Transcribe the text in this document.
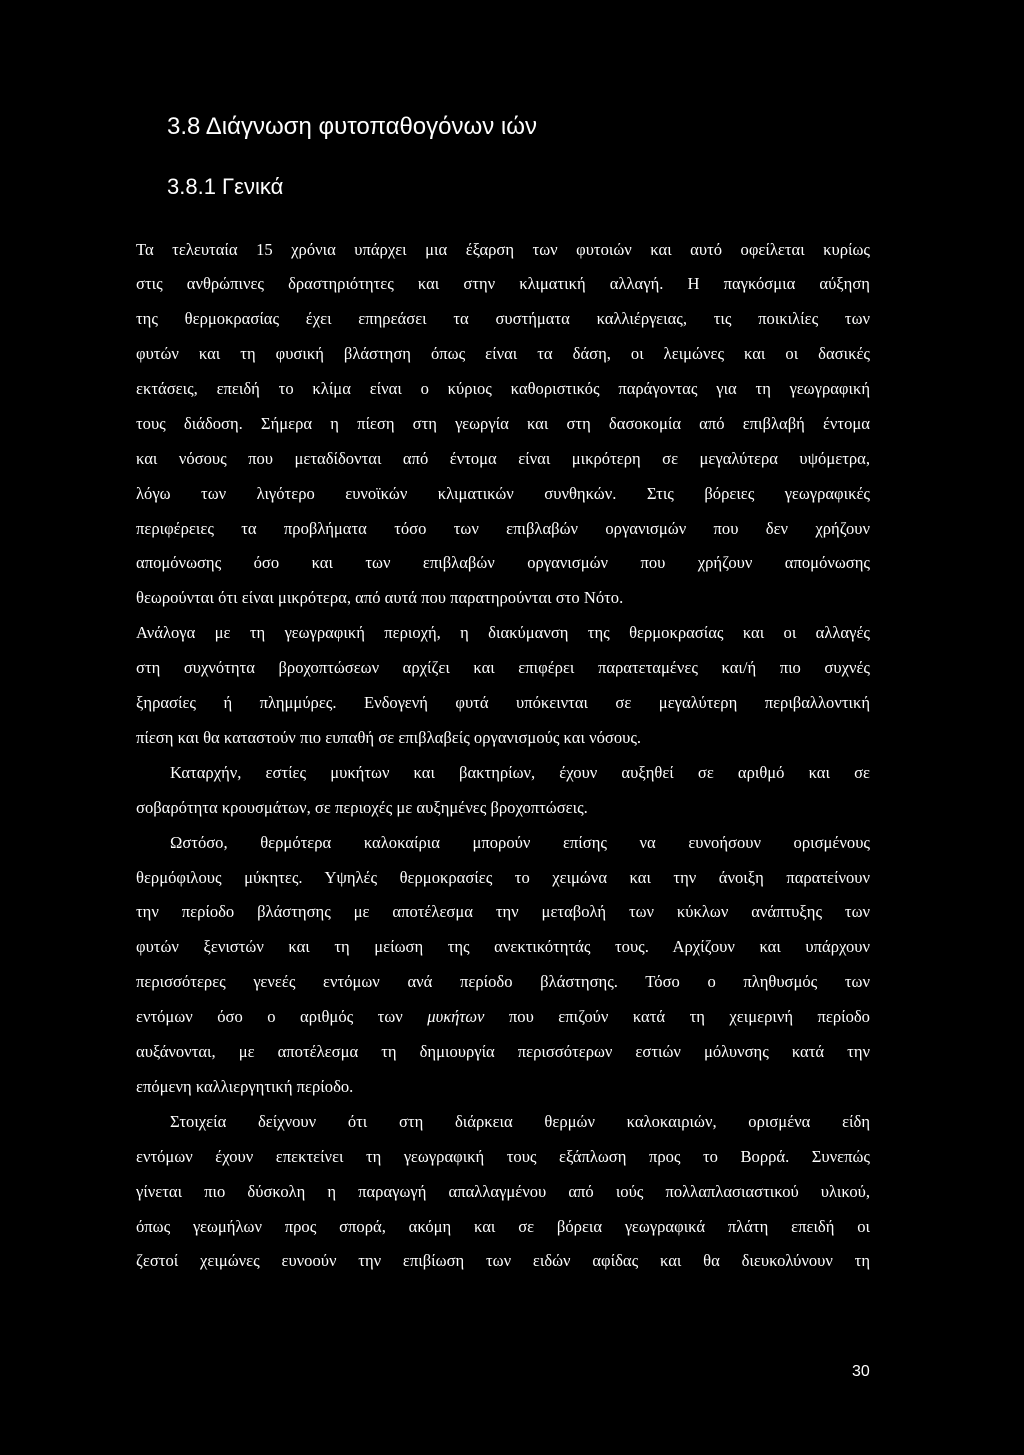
3.8 Διάγνωση φυτοπαθογόνων ιών
3.8.1 Γενικά
Τα τελευταία 15 χρόνια υπάρχει μια έξαρση των φυτοιών και αυτό οφείλεται κυρίως
στις ανθρώπινες δραστηριότητες και στην κλιματική αλλαγή. Η παγκόσμια αύξηση
της θερμοκρασίας έχει επηρεάσει τα συστήματα καλλιέργειας, τις ποικιλίες των
φυτών και τη φυσική βλάστηση όπως είναι τα δάση, οι λειμώνες και οι δασικές
εκτάσεις, επειδή το κλίμα είναι ο κύριος καθοριστικός παράγοντας για τη γεωγραφική
τους διάδοση. Σήμερα η πίεση στη γεωργία και στη δασοκομία από επιβλαβή έντομα
και νόσους που μεταδίδονται από έντομα είναι μικρότερη σε μεγαλύτερα υψόμετρα,
λόγω των λιγότερο ευνοϊκών κλιματικών συνθηκών. Στις βόρειες γεωγραφικές
περιφέρειες τα προβλήματα τόσο των επιβλαβών οργανισμών που δεν χρήζουν
απομόνωσης όσο και των επιβλαβών οργανισμών που χρήζουν απομόνωσης
θεωρούνται ότι είναι μικρότερα, από αυτά που παρατηρούνται στο Νότο.
Ανάλογα με τη γεωγραφική περιοχή, η διακύμανση της θερμοκρασίας και οι αλλαγές
στη συχνότητα βροχοπτώσεων αρχίζει και επιφέρει παρατεταμένες και/ή πιο συχνές
ξηρασίες ή πλημμύρες. Ενδογενή φυτά υπόκεινται σε μεγαλύτερη περιβαλλοντική
πίεση και θα καταστούν πιο ευπαθή σε επιβλαβείς οργανισμούς και νόσους.
Καταρχήν, εστίες μυκήτων και βακτηρίων, έχουν αυξηθεί σε αριθμό και σε
σοβαρότητα κρουσμάτων, σε περιοχές με αυξημένες βροχοπτώσεις.
Ωστόσο, θερμότερα καλοκαίρια μπορούν επίσης να ευνοήσουν ορισμένους
θερμόφιλους μύκητες. Υψηλές θερμοκρασίες το χειμώνα και την άνοιξη παρατείνουν
την περίοδο βλάστησης με αποτέλεσμα την μεταβολή των κύκλων ανάπτυξης των
φυτών ξενιστών και τη μείωση της ανεκτικότητάς τους. Αρχίζουν και υπάρχουν
περισσότερες γενεές εντόμων ανά περίοδο βλάστησης. Τόσο ο πληθυσμός των
εντόμων όσο ο αριθμός των μυκήτων που επιζούν κατά τη χειμερινή περίοδο
αυξάνονται, με αποτέλεσμα τη δημιουργία περισσότερων εστιών μόλυνσης κατά την
επόμενη καλλιεργητική περίοδο.
Στοιχεία δείχνουν ότι στη διάρκεια θερμών καλοκαιριών, ορισμένα είδη
εντόμων έχουν επεκτείνει τη γεωγραφική τους εξάπλωση προς το Βορρά. Συνεπώς
γίνεται πιο δύσκολη η παραγωγή απαλλαγμένου από ιούς πολλαπλασιαστικού υλικού,
όπως γεωμήλων προς σπορά, ακόμη και σε βόρεια γεωγραφικά πλάτη επειδή οι
ζεστοί χειμώνες ευνοούν την επιβίωση των ειδών αφίδας και θα διευκολύνουν τη
30
